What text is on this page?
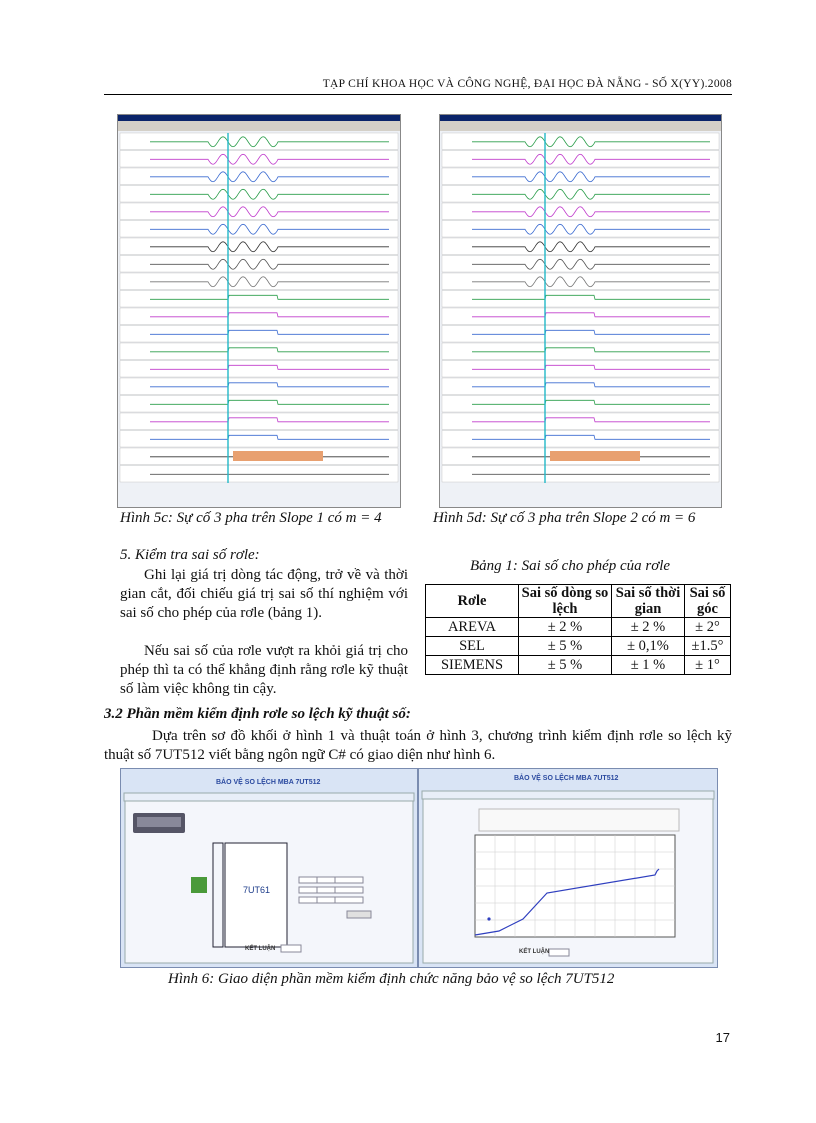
TẠP CHÍ KHOA HỌC VÀ CÔNG NGHỆ, ĐẠI HỌC ĐÀ NẴNG - SỐ X(YY).2008
Hình 5c: Sự cố 3 pha trên Slope 1 có m = 4	Hình 5d: Sự cố 3 pha trên Slope 2 có m = 6
5. Kiểm tra sai số rơle:
Ghi lại giá trị dòng tác động, trở về và thời gian cắt, đối chiếu giá trị sai số thí nghiệm với sai số cho phép của rơle (bảng 1).
Nếu sai số của rơle vượt ra khỏi giá trị cho phép thì ta có thể khẳng định rằng rơle kỹ thuật số làm việc không tin cậy.
Bảng 1: Sai số cho phép của rơle
Rơle	Sai số dòng so lệch	Sai số thời gian	Sai số góc
AREVA	± 2 %	± 2 %	± 2°
SEL	± 5 %	± 0,1%	±1.5°
SIEMENS	± 5 %	± 1 %	± 1°
3.2 Phần mềm kiểm định rơle so lệch kỹ thuật số:
Dựa trên sơ đồ khối ở hình 1 và thuật toán ở hình 3, chương trình kiểm định rơle so lệch kỹ thuật số 7UT512 viết bằng ngôn ngữ C# có giao diện như hình 6.
BẢO VỆ SO LỆCH MBA 7UT512
7UT61
KẾT LUẬN
BẢO VỆ SO LỆCH MBA 7UT512
KẾT LUẬN
Hình 6: Giao diện phần mềm kiểm định chức năng bảo vệ so lệch 7UT512
17
